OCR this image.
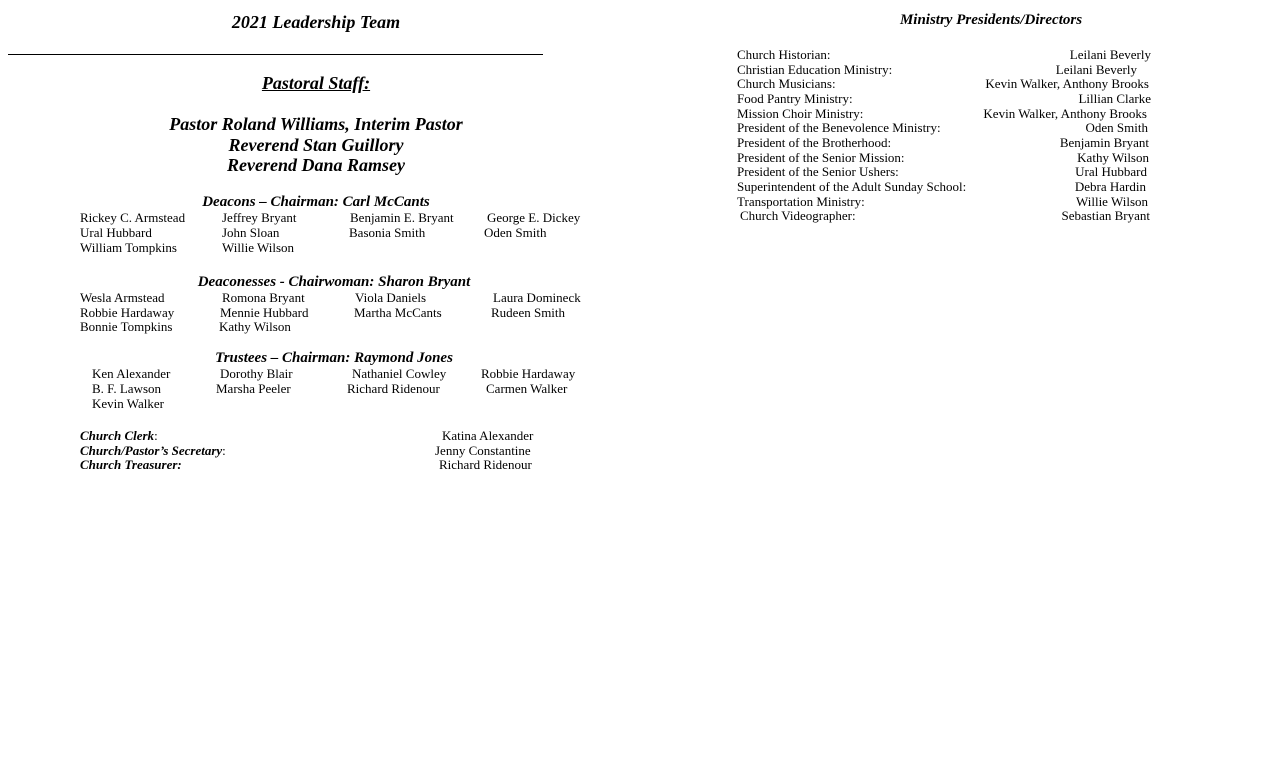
2021 Leadership Team
Pastoral Staff:
Pastor Roland Williams, Interim Pastor
Reverend Stan Guillory
Reverend Dana Ramsey
Deacons – Chairman: Carl McCants
Rickey C. Armstead	Jeffrey Bryant	Benjamin E. Bryant	George E. Dickey
Ural Hubbard	John Sloan	Basonia Smith	Oden Smith
William Tompkins	Willie Wilson
Deaconesses - Chairwoman: Sharon Bryant
Wesla Armstead	Romona Bryant	Viola Daniels	Laura Domineck
Robbie Hardaway	Mennie Hubbard	Martha McCants	Rudeen Smith
Bonnie Tompkins	Kathy Wilson
Trustees – Chairman: Raymond Jones
Ken Alexander	Dorothy Blair	Nathaniel Cowley	Robbie Hardaway
B. F. Lawson	Marsha Peeler	Richard Ridenour	Carmen Walker
Kevin Walker
Church Clerk:	Katina Alexander
Church/Pastor’s Secretary:	Jenny Constantine
Church Treasurer:	Richard Ridenour
Ministry Presidents/Directors
Church Historian:	Leilani Beverly
Christian Education Ministry:	Leilani Beverly
Church Musicians:	Kevin Walker, Anthony Brooks
Food Pantry Ministry:	Lillian Clarke
Mission Choir Ministry:	Kevin Walker, Anthony Brooks
President of the Benevolence Ministry:	Oden Smith
President of the Brotherhood:	Benjamin Bryant
President of the Senior Mission:	Kathy Wilson
President of the Senior Ushers:	Ural Hubbard
Superintendent of the Adult Sunday School:	Debra Hardin
Transportation Ministry:	Willie Wilson
Church Videographer:	Sebastian Bryant
